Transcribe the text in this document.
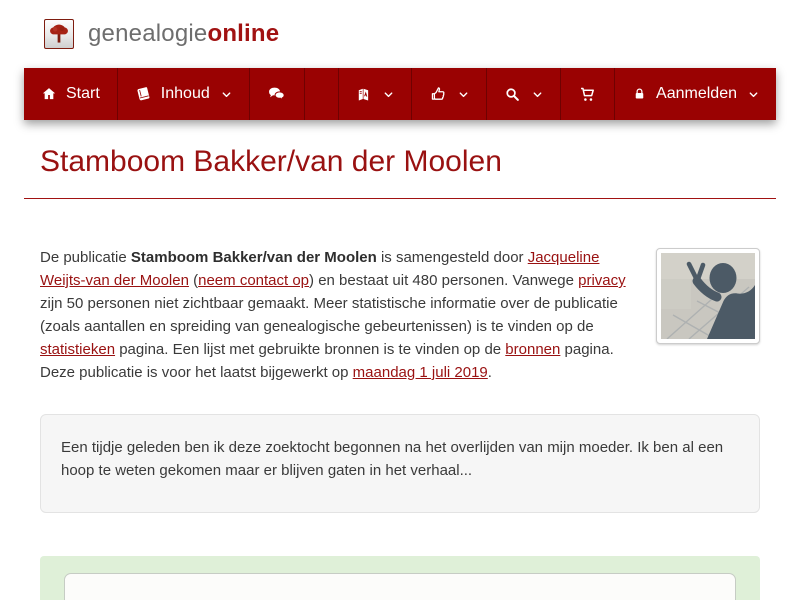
genealogieonline
Start	Inhoud	Aanmelden
Stamboom Bakker/van der Moolen

De publicatie Stamboom Bakker/van der Moolen is samengesteld door Jacqueline Weijts-van der Moolen (neem contact op) en bestaat uit 480 personen. Vanwege privacy zijn 50 personen niet zichtbaar gemaakt. Meer statistische informatie over de publicatie (zoals aantallen en spreiding van genealogische gebeurtenissen) is te vinden op de statistieken pagina. Een lijst met gebruikte bronnen is te vinden op de bronnen pagina. Deze publicatie is voor het laatst bijgewerkt op maandag 1 juli 2019.

Een tijdje geleden ben ik deze zoektocht begonnen na het overlijden van mijn moeder. Ik ben al een hoop te weten gekomen maar er blijven gaten in het verhaal...
